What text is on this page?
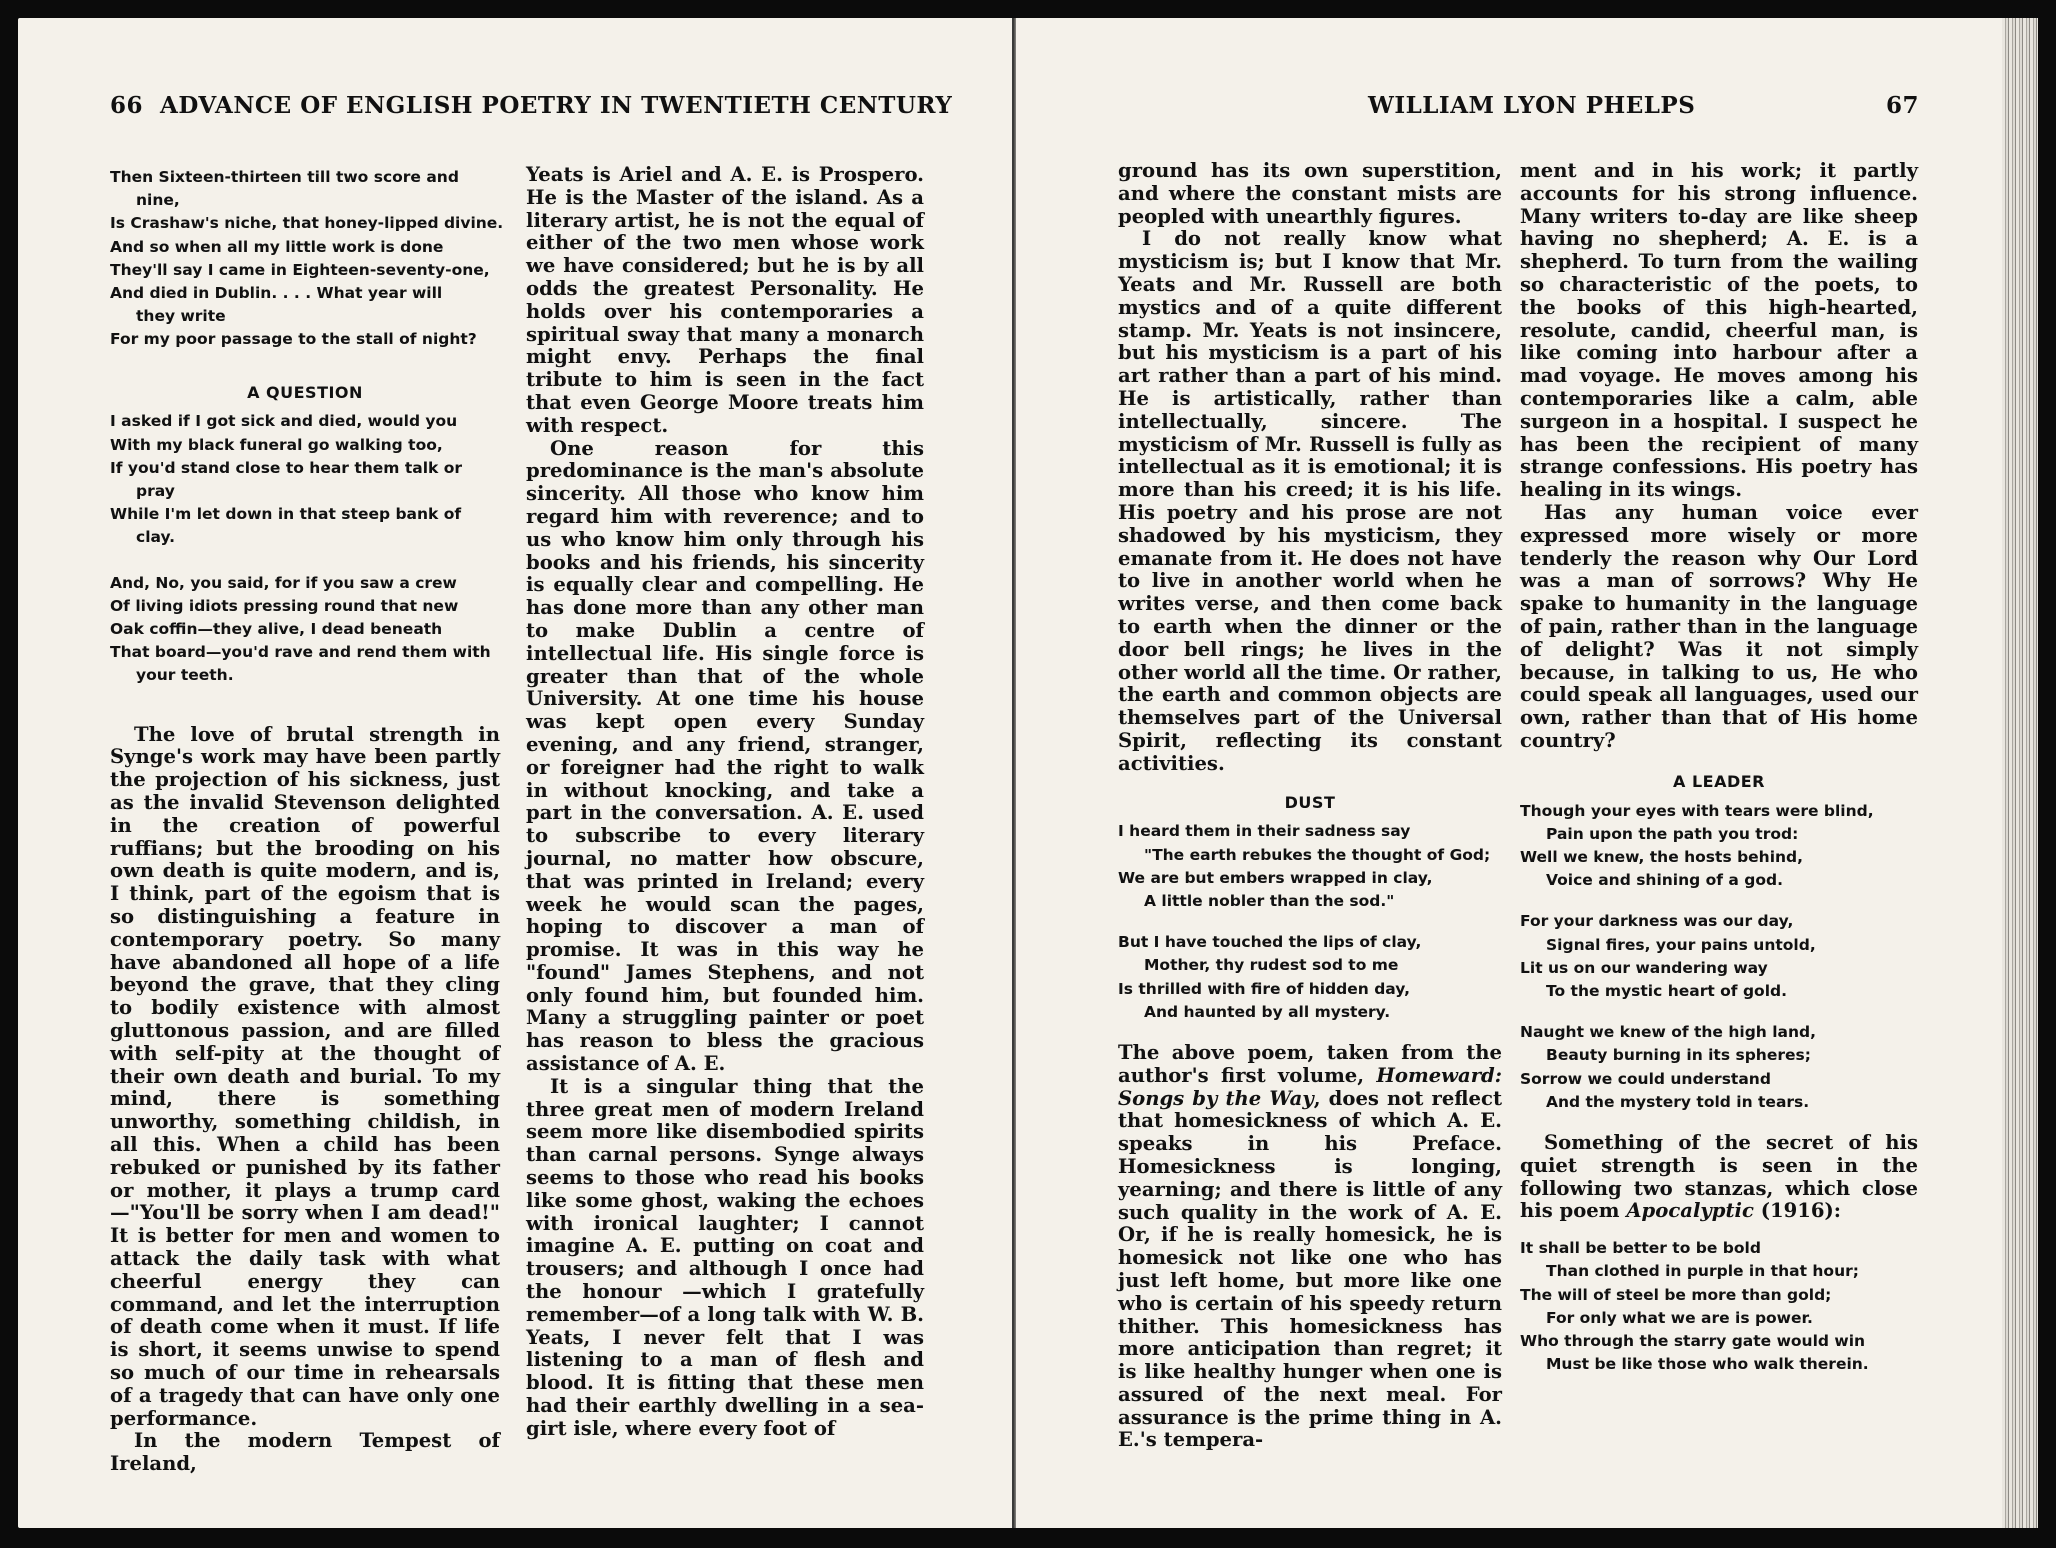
66 ADVANCE OF ENGLISH POETRY IN TWENTIETH CENTURY
Then Sixteen-thirteen till two score and
nine,
Is Crashaw's niche, that honey-lipped divine.
And so when all my little work is done
They'll say I came in Eighteen-seventy-one,
And died in Dublin. . . . What year will
they write
For my poor passage to the stall of night?
A QUESTION
I asked if I got sick and died, would you
With my black funeral go walking too,
If you'd stand close to hear them talk or
pray
While I'm let down in that steep bank of
clay.
And, No, you said, for if you saw a crew
Of living idiots pressing round that new
Oak coffin—they alive, I dead beneath
That board—you'd rave and rend them with
your teeth.

The love of brutal strength in Synge's work may have been partly the projection of his sickness, just as the invalid Stevenson delighted in the creation of powerful ruffians; but the brooding on his own death is quite modern, and is, I think, part of the egoism that is so distinguishing a feature in contemporary poetry. So many have abandoned all hope of a life beyond the grave, that they cling to bodily existence with almost gluttonous passion, and are filled with self-pity at the thought of their own death and burial. To my mind, there is something unworthy, something childish, in all this. When a child has been rebuked or punished by its father or mother, it plays a trump card—"You'll be sorry when I am dead!" It is better for men and women to attack the daily task with what cheerful energy they can command, and let the interruption of death come when it must. If life is short, it seems unwise to spend so much of our time in rehearsals of a tragedy that can have only one performance.

In the modern Tempest of Ireland,

Yeats is Ariel and A. E. is Prospero. He is the Master of the island. As a literary artist, he is not the equal of either of the two men whose work we have considered; but he is by all odds the greatest Personality. He holds over his contemporaries a spiritual sway that many a monarch might envy. Perhaps the final tribute to him is seen in the fact that even George Moore treats him with respect.

One reason for this predominance is the man's absolute sincerity. All those who know him regard him with reverence; and to us who know him only through his books and his friends, his sincerity is equally clear and compelling. He has done more than any other man to make Dublin a centre of intellectual life. His single force is greater than that of the whole University. At one time his house was kept open every Sunday evening, and any friend, stranger, or foreigner had the right to walk in without knocking, and take a part in the conversation. A. E. used to subscribe to every literary journal, no matter how obscure, that was printed in Ireland; every week he would scan the pages, hoping to discover a man of promise. It was in this way he "found" James Stephens, and not only found him, but founded him. Many a struggling painter or poet has reason to bless the gracious assistance of A. E.

It is a singular thing that the three great men of modern Ireland seem more like disembodied spirits than carnal persons. Synge always seems to those who read his books like some ghost, waking the echoes with ironical laughter; I cannot imagine A. E. putting on coat and trousers; and although I once had the honour —which I gratefully remember—of a long talk with W. B. Yeats, I never felt that I was listening to a man of flesh and blood. It is fitting that these men had their earthly dwelling in a sea-girt isle, where every foot of

WILLIAM LYON PHELPS	67

ground has its own superstition, and where the constant mists are peopled with unearthly figures.

I do not really know what mysticism is; but I know that Mr. Yeats and Mr. Russell are both mystics and of a quite different stamp. Mr. Yeats is not insincere, but his mysticism is a part of his art rather than a part of his mind. He is artistically, rather than intellectually, sincere. The mysticism of Mr. Russell is fully as intellectual as it is emotional; it is more than his creed; it is his life. His poetry and his prose are not shadowed by his mysticism, they emanate from it. He does not have to live in another world when he writes verse, and then come back to earth when the dinner or the door bell rings; he lives in the other world all the time. Or rather, the earth and common objects are themselves part of the Universal Spirit, reflecting its constant activities.

DUST
I heard them in their sadness say
"The earth rebukes the thought of God;
We are but embers wrapped in clay,
A little nobler than the sod."
But I have touched the lips of clay,
Mother, thy rudest sod to me
Is thrilled with fire of hidden day,
And haunted by all mystery.

The above poem, taken from the author's first volume, Homeward: Songs by the Way, does not reflect that homesickness of which A. E. speaks in his Preface. Homesickness is longing, yearning; and there is little of any such quality in the work of A. E. Or, if he is really homesick, he is homesick not like one who has just left home, but more like one who is certain of his speedy return thither. This homesickness has more anticipation than regret; it is like healthy hunger when one is assured of the next meal. For assurance is the prime thing in A. E.'s tempera-

ment and in his work; it partly accounts for his strong influence. Many writers to-day are like sheep having no shepherd; A. E. is a shepherd. To turn from the wailing so characteristic of the poets, to the books of this high-hearted, resolute, candid, cheerful man, is like coming into harbour after a mad voyage. He moves among his contemporaries like a calm, able surgeon in a hospital. I suspect he has been the recipient of many strange confessions. His poetry has healing in its wings.

Has any human voice ever expressed more wisely or more tenderly the reason why Our Lord was a man of sorrows? Why He spake to humanity in the language of pain, rather than in the language of delight? Was it not simply because, in talking to us, He who could speak all languages, used our own, rather than that of His home country?

A LEADER
Though your eyes with tears were blind,
Pain upon the path you trod:
Well we knew, the hosts behind,
Voice and shining of a god.
For your darkness was our day,
Signal fires, your pains untold,
Lit us on our wandering way
To the mystic heart of gold.
Naught we knew of the high land,
Beauty burning in its spheres;
Sorrow we could understand
And the mystery told in tears.

Something of the secret of his quiet strength is seen in the following two stanzas, which close his poem Apocalyptic (1916):

It shall be better to be bold
Than clothed in purple in that hour;
The will of steel be more than gold;
For only what we are is power.
Who through the starry gate would win
Must be like those who walk therein.
